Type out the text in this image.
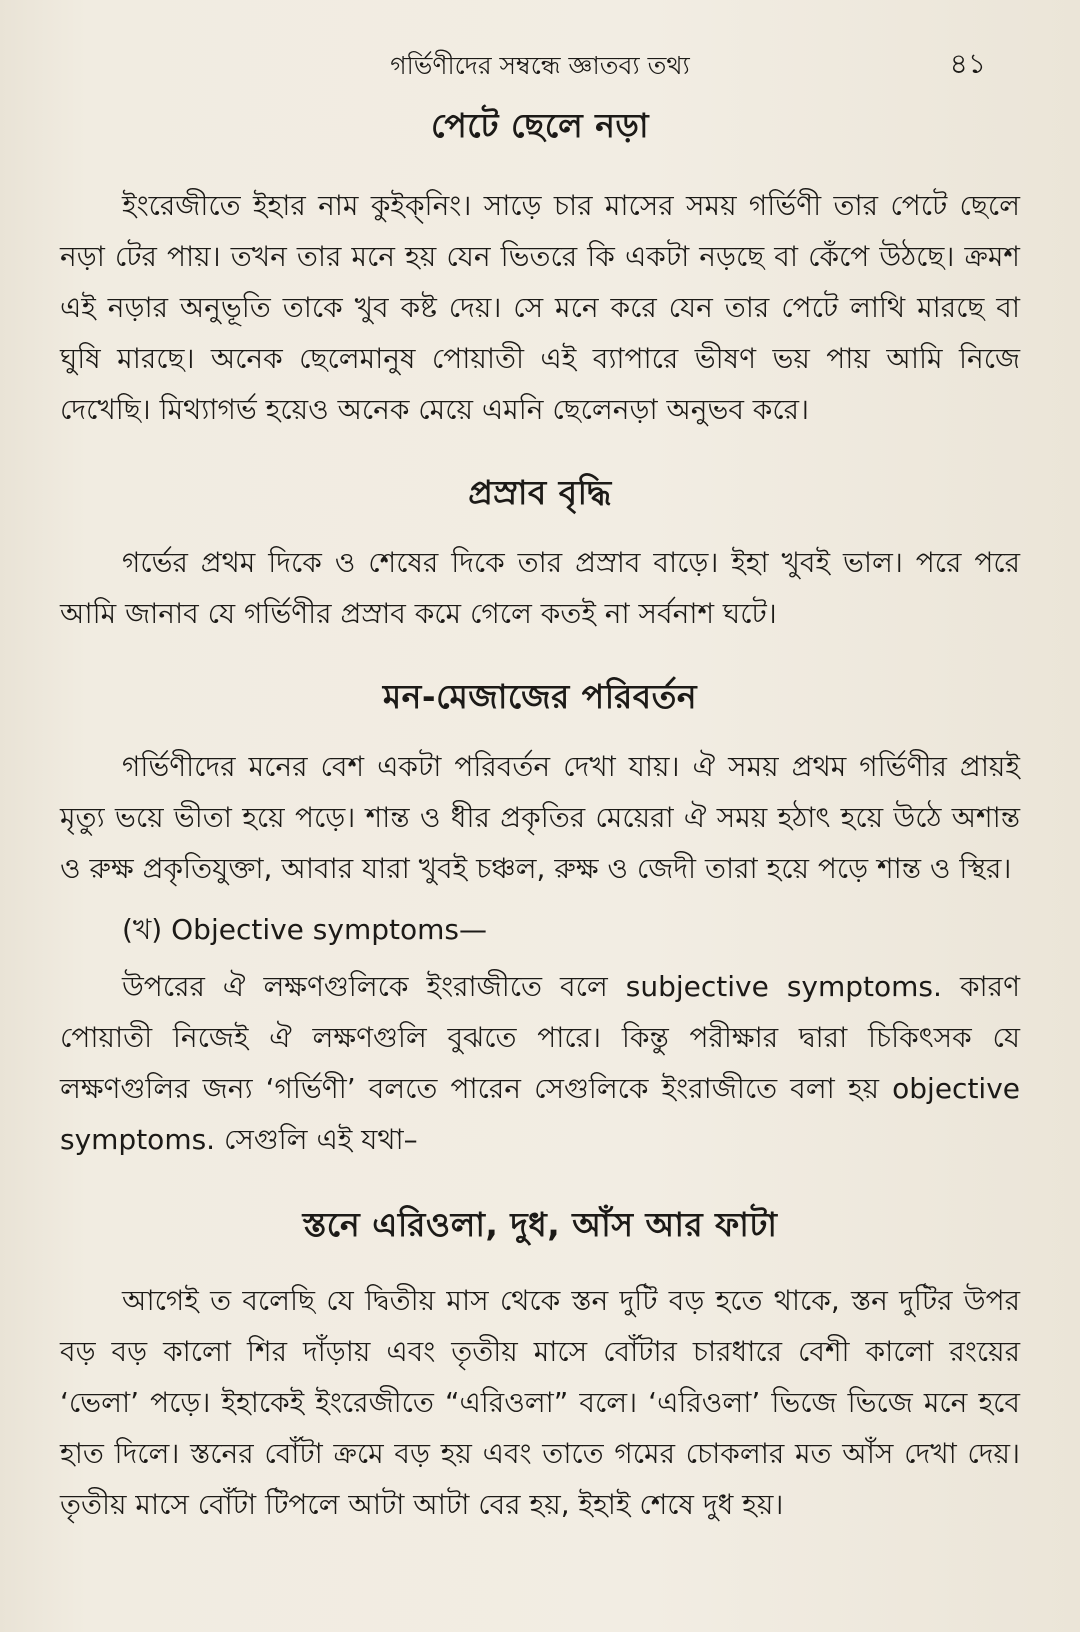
গর্ভিণীদের সম্বন্ধে জ্ঞাতব্য তথ্য	৪১
পেটে ছেলে নড়া

ইংরেজীতে ইহার নাম কুইক্‌নিং। সাড়ে চার মাসের সময় গর্ভিণী তার পেটে ছেলে নড়া টের পায়। তখন তার মনে হয় যেন ভিতরে কি একটা নড়ছে বা কেঁপে উঠছে। ক্রমশ এই নড়ার অনুভূতি তাকে খুব কষ্ট দেয়। সে মনে করে যেন তার পেটে লাথি মারছে বা ঘুষি মারছে। অনেক ছেলেমানুষ পোয়াতী এই ব্যাপারে ভীষণ ভয় পায় আমি নিজে দেখেছি। মিথ্যাগর্ভ হয়েও অনেক মেয়ে এমনি ছেলেনড়া অনুভব করে।

প্রস্রাব বৃদ্ধি

গর্ভের প্রথম দিকে ও শেষের দিকে তার প্রস্রাব বাড়ে। ইহা খুবই ভাল। পরে পরে আমি জানাব যে গর্ভিণীর প্রস্রাব কমে গেলে কতই না সর্বনাশ ঘটে।

মন-মেজাজের পরিবর্তন

গর্ভিণীদের মনের বেশ একটা পরিবর্তন দেখা যায়। ঐ সময় প্রথম গর্ভিণীর প্রায়ই মৃত্যু ভয়ে ভীতা হয়ে পড়ে। শান্ত ও ধীর প্রকৃতির মেয়েরা ঐ সময় হঠাৎ হয়ে উঠে অশান্ত ও রুক্ষ প্রকৃতিযুক্তা, আবার যারা খুবই চঞ্চল, রুক্ষ ও জেদী তারা হয়ে পড়ে শান্ত ও স্থির।

(খ) Objective symptoms—

উপরের ঐ লক্ষণগুলিকে ইংরাজীতে বলে subjective symptoms. কারণ পোয়াতী নিজেই ঐ লক্ষণগুলি বুঝতে পারে। কিন্তু পরীক্ষার দ্বারা চিকিৎসক যে লক্ষণগুলির জন্য ‘গর্ভিণী’ বলতে পারেন সেগুলিকে ইংরাজীতে বলা হয় objective symptoms. সেগুলি এই যথা–

স্তনে এরিওলা, দুধ, আঁস আর ফাটা

আগেই ত বলেছি যে দ্বিতীয় মাস থেকে স্তন দুটি বড় হতে থাকে, স্তন দুটির উপর বড় বড় কালো শির দাঁড়ায় এবং তৃতীয় মাসে বোঁটার চারধারে বেশী কালো রংয়ের ‘ভেলা’ পড়ে। ইহাকেই ইংরেজীতে “এরিওলা” বলে। ‘এরিওলা’ ভিজে ভিজে মনে হবে হাত দিলে। স্তনের বোঁটা ক্রমে বড় হয় এবং তাতে গমের চোকলার মত আঁস দেখা দেয়। তৃতীয় মাসে বোঁটা টিপলে আটা আটা বের হয়, ইহাই শেষে দুধ হয়।
